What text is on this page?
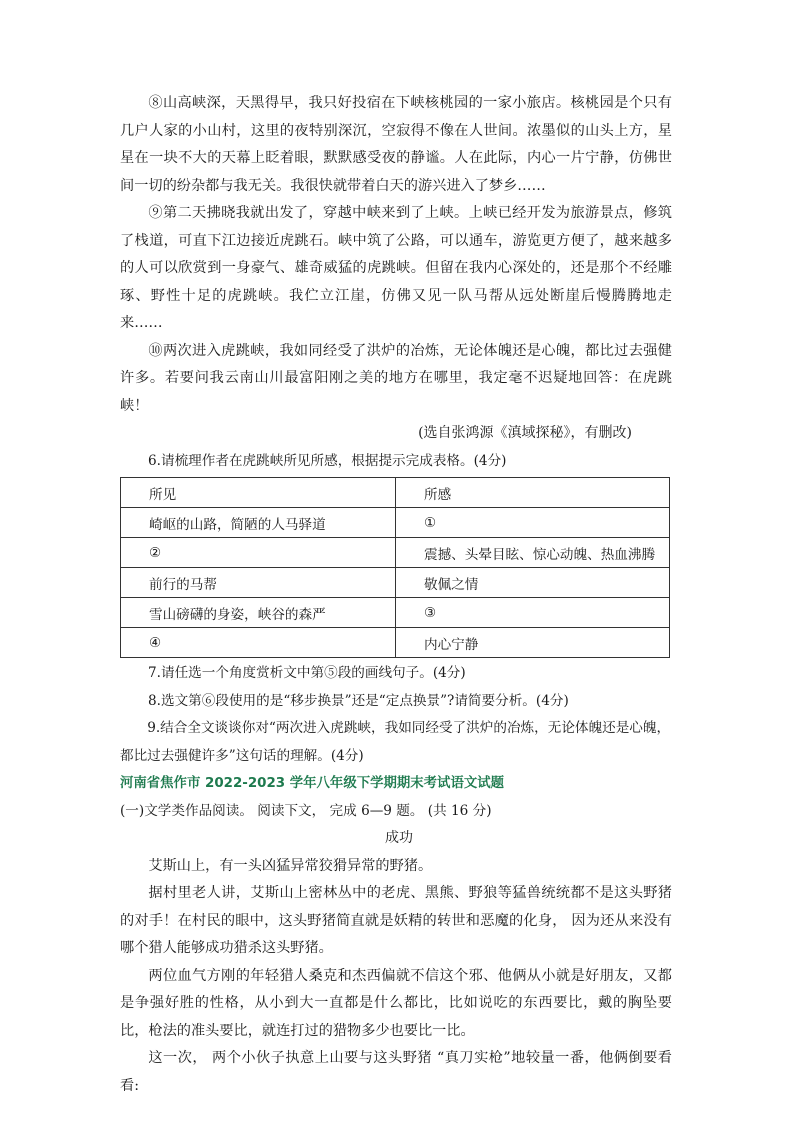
⑧山高峡深，天黑得早，我只好投宿在下峡核桃园的一家小旅店。核桃园是个只有几户人家的小山村，这里的夜特别深沉，空寂得不像在人世间。浓墨似的山头上方，星星在一块不大的天幕上眨着眼，默默感受夜的静谧。人在此际，内心一片宁静，仿佛世间一切的纷杂都与我无关。我很快就带着白天的游兴进入了梦乡……

⑨第二天拂晓我就出发了，穿越中峡来到了上峡。上峡已经开发为旅游景点，修筑了栈道，可直下江边接近虎跳石。峡中筑了公路，可以通车，游览更方便了，越来越多的人可以欣赏到一身豪气、雄奇威猛的虎跳峡。但留在我内心深处的，还是那个不经雕琢、野性十足的虎跳峡。我伫立江崖，仿佛又见一队马帮从远处断崖后慢腾腾地走来……

⑩两次进入虎跳峡，我如同经受了洪炉的冶炼，无论体魄还是心魄，都比过去强健许多。若要问我云南山川最富阳刚之美的地方在哪里，我定毫不迟疑地回答：在虎跳峡！

(选自张鸿源《滇域探秘》，有删改)

6.请梳理作者在虎跳峡所见所感，根据提示完成表格。(4分)

所见	所感
崎岖的山路，简陋的人马驿道	①
②	震撼、头晕目眩、惊心动魄、热血沸腾
前行的马帮	敬佩之情
雪山磅礴的身姿，峡谷的森严	③
④	内心宁静

7.请任选一个角度赏析文中第⑤段的画线句子。(4分)

8.选文第⑥段使用的是“移步换景”还是“定点换景”?请简要分析。(4分)

9.结合全文谈谈你对“两次进入虎跳峡，我如同经受了洪炉的冶炼，无论体魄还是心魄，都比过去强健许多”这句话的理解。(4分)

河南省焦作市 2022-2023 学年八年级下学期期末考试语文试题

(一)文学类作品阅读。 阅读下文， 完成 6—9 题。 (共 16 分)

成功

艾斯山上，有一头凶猛异常狡猾异常的野猪。

据村里老人讲，艾斯山上密林丛中的老虎、黑熊、野狼等猛兽统统都不是这头野猪的对手！在村民的眼中，这头野猪简直就是妖精的转世和恶魔的化身， 因为还从来没有哪个猎人能够成功猎杀这头野猪。

两位血气方刚的年轻猎人桑克和杰西偏就不信这个邪、他俩从小就是好朋友，又都是争强好胜的性格，从小到大一直都是什么都比，比如说吃的东西要比，戴的胸坠要比，枪法的准头要比，就连打过的猎物多少也要比一比。

这一次， 两个小伙子执意上山要与这头野猪 “真刀实枪”地较量一番，他俩倒要看看:
